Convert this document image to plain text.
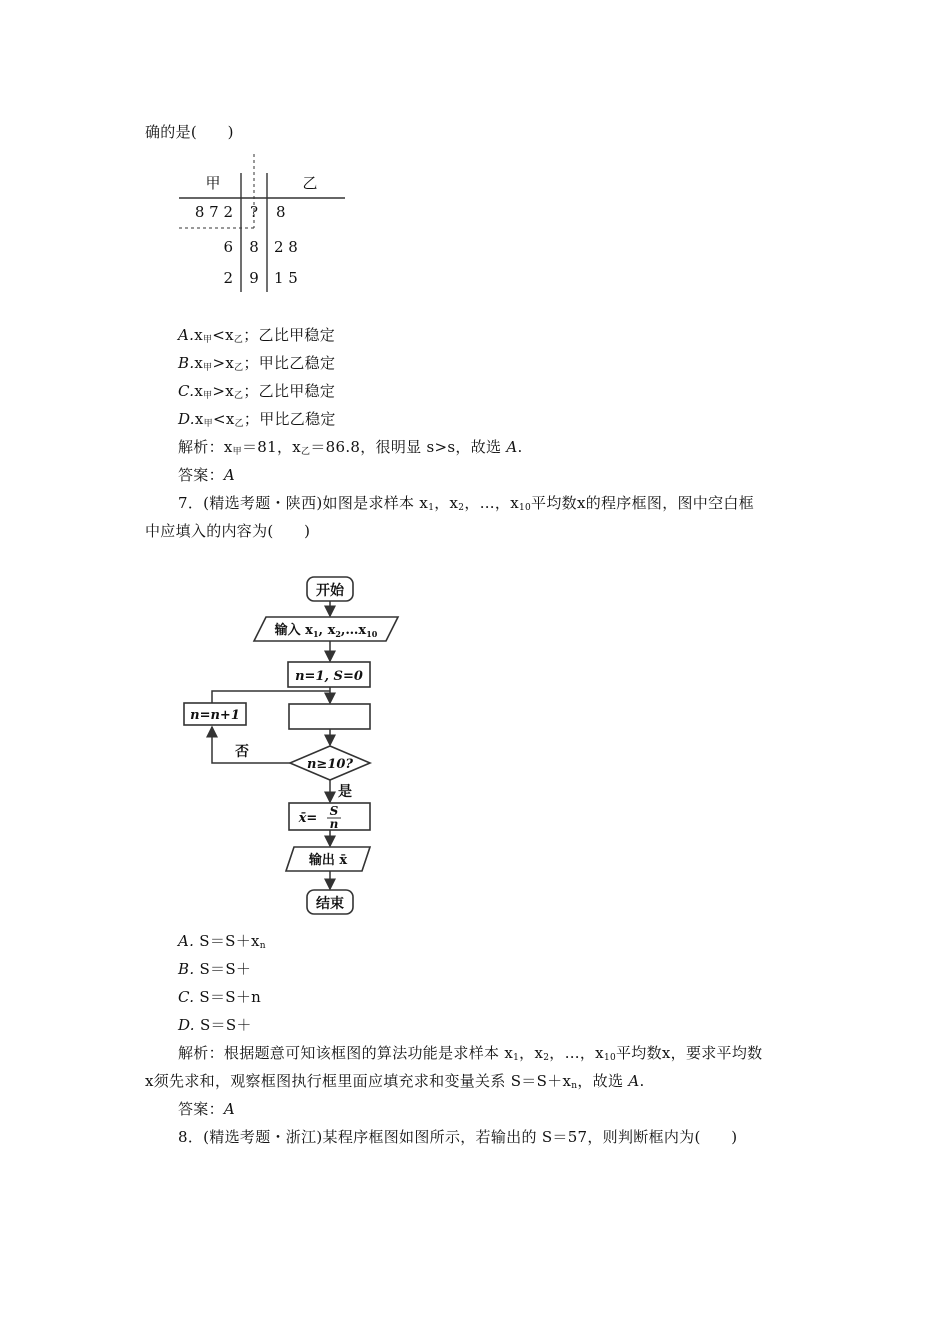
确的是(　　)
甲	乙
8 7 2 ? 8
6 8 2 8
2 9 1 5
$A.x_甲<x_乙$；乙比甲稳定
$B.x_甲>x_乙$；甲比乙稳定
$C.x_甲>x_乙$；乙比甲稳定
$D.x_甲<x_乙$；甲比乙稳定
解析：$x_甲=81$，$x_乙=86.8$，很明显 s>s，故选 A.
答案：A
7．(精选考题・陕西)如图是求样本 $x_1$，$x_2$，…，$x_{10}$平均数x的程序框图，图中空白框
中应填入的内容为(　　)
开始
输入 $x_1$, $x_2,\dots x_{10}$
n=1, S=0
n=n+1
n≥10?
否
是
x̄= S
n
输出 x̄
结束
A. $S=S+x_n$
B. S＝S＋
C. S＝S＋n
D. S＝S＋
解析：根据题意可知该框图的算法功能是求样本 $x_1$，$x_2$，…，$x_{10}$平均数x，要求平均数
x须先求和，观察框图执行框里面应填充求和变量关系 $S=S+x_n$，故选 A.
答案：A
8．(精选考题・浙江)某程序框图如图所示，若输出的 S＝57，则判断框内为(　　)
